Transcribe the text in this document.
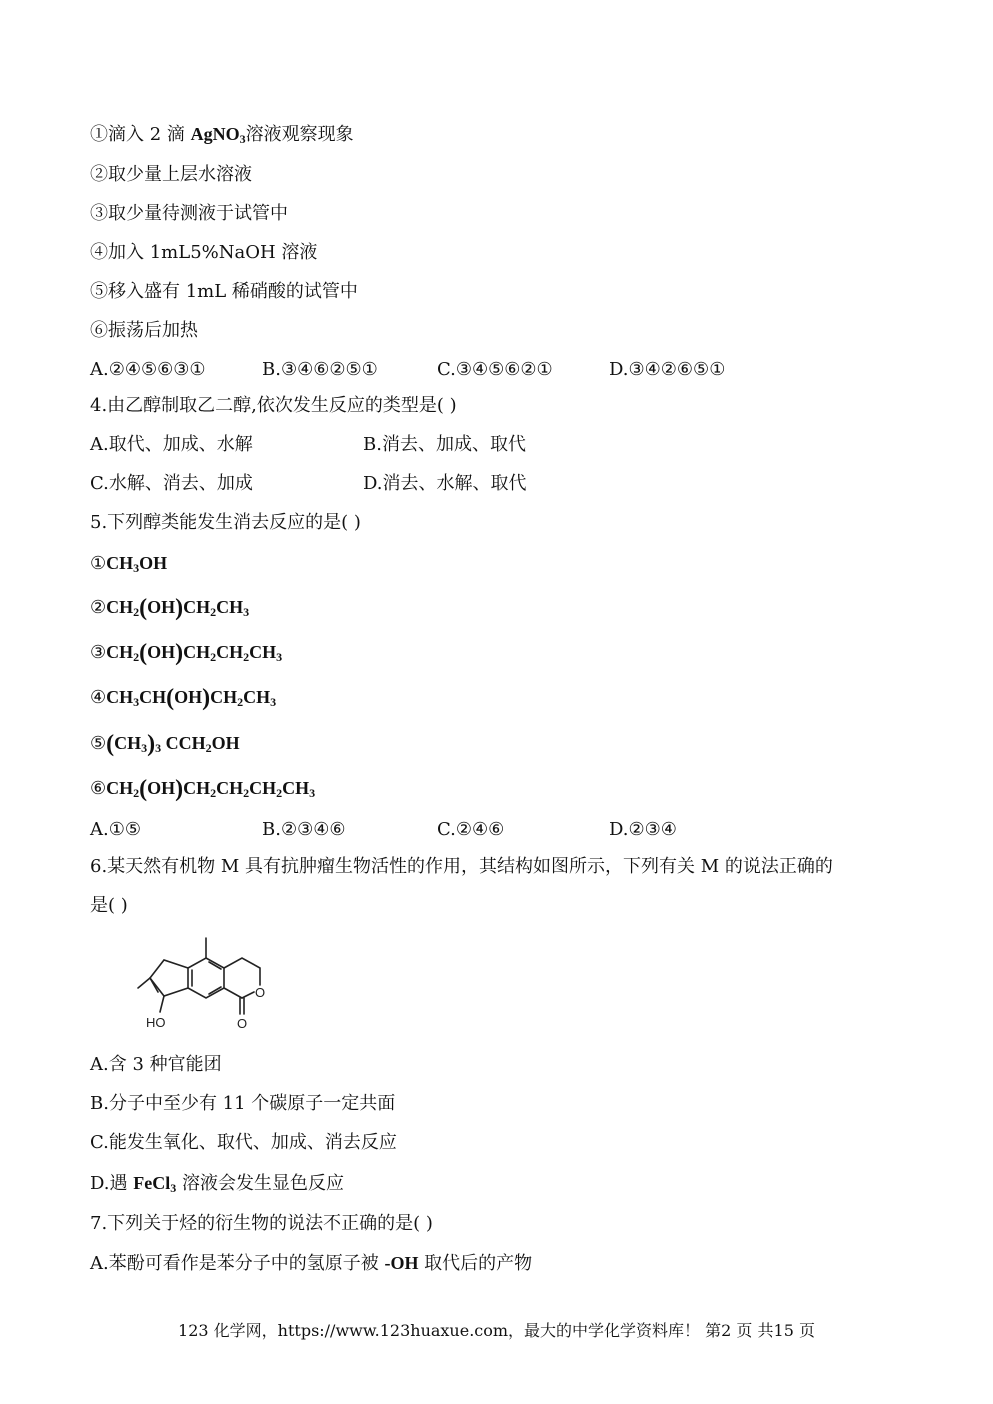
①滴入 2 滴 AgNO$_3$溶液观察现象
②取少量上层水溶液
③取少量待测液于试管中
④加入 1mL5%NaOH 溶液
⑤移入盛有 1mL 稀硝酸的试管中
⑥振荡后加热
A.②④⑤⑥③①	B.③④⑥②⑤①	C.③④⑤⑥②①	D.③④②⑥⑤①
4.由乙醇制取乙二醇,依次发生反应的类型是( )
A.取代、加成、水解	B.消去、加成、取代
C.水解、消去、加成	D.消去、水解、取代
5.下列醇类能发生消去反应的是( )
$①CH_3OH$
$②CH_2(OH)CH_2CH_3$
$③CH_2(OH)CH_2CH_2CH_3$
$④CH_3CH(OH)CH_2CH_3$
$⑤(CH_3)_3$ $CCH_2OH$
$⑥CH_2(OH)CH_2CH_2CH_2CH_3$
A.①⑤	B.②③④⑥	C.②④⑥	D.②③④
6.某天然有机物 M 具有抗肿瘤生物活性的作用，其结构如图所示，下列有关 M 的说法正确的
是( )
HO
O
O
A.含 3 种官能团
B.分子中至少有 11 个碳原子一定共面
C.能发生氧化、取代、加成、消去反应
D.遇 FeCl$_3$ 溶液会发生显色反应
7.下列关于烃的衍生物的说法不正确的是( )
A.苯酚可看作是苯分子中的氢原子被 -OH 取代后的产物
123 化学网，https://www.123huaxue.com，最大的中学化学资料库！ 第2 页 共15 页
